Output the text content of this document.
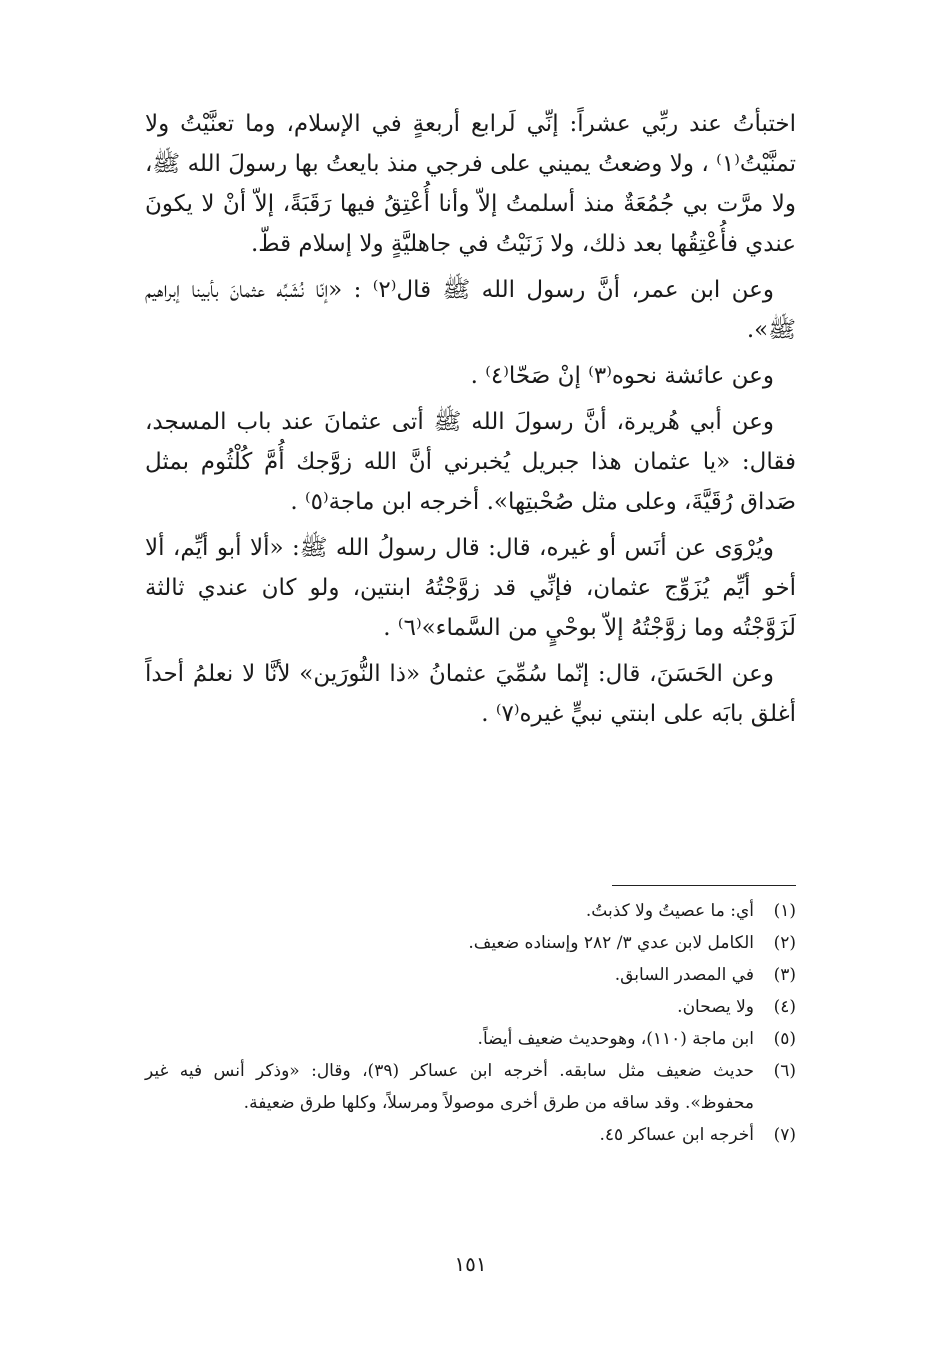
اختبأتُ عند ربِّي عشراً: إنِّي لَرابع أربعةٍ في الإسلام، وما تعنَّيْتُ ولا تمنَّيْتُ⁽١⁾ ، ولا وضعتُ يميني على فرجي منذ بايعتُ بها رسولَ الله ﷺ، ولا مرَّت بي جُمُعَةٌ منذ أسلمتُ إلاّ وأنا أُعْتِقُ فيها رَقَبَةً، إلاّ أنْ لا يكونَ عندي فأُعْتِقُها بعد ذلك، ولا زَنَيْتُ في جاهليَّةٍ ولا إسلام قطّ.

وعن ابن عمر، أنَّ رسول الله ﷺ قال⁽٢⁾ : «إنّا نُشَبِّه عثمانَ بأبينا إبراهيم ﷺ».

وعن عائشة نحوه⁽٣⁾ إنْ صَحّا⁽٤⁾ .

وعن أبي هُريرة، أنَّ رسولَ الله ﷺ أتى عثمانَ عند باب المسجد، فقال: «يا عثمان هذا جبريل يُخبرني أنَّ الله زوَّجك أُمَّ كُلْثُوم بمثل صَداق رُقَيَّةَ، وعلى مثل صُحْبتِها». أخرجه ابن ماجة⁽٥⁾ .

ويُرْوَى عن أنَس أو غيره، قال: قال رسولُ الله ﷺ: «ألا أبو أيِّم، ألا أخو أيِّم يُزَوِّج عثمان، فإنِّي قد زوَّجْتُهُ ابنتين، ولو كان عندي ثالثة لَزَوَّجْتُه وما زوَّجْتُهُ إلاّ بوحْيٍ من السَّماء»⁽٦⁾ .

وعن الحَسَنَ، قال: إنّما سُمِّيَ عثمانُ «ذا النُّورَين» لأنَّا لا نعلمُ أحداً أغلق بابَه على ابنتي نبيٍّ غيره⁽٧⁾ .

(١)
أي: ما عصيتُ ولا كذبتُ.
(٢)
الكامل لابن عدي ٣/ ٢٨٢ وإسناده ضعيف.
(٣)
في المصدر السابق.
(٤)
ولا يصحان.
(٥)
ابن ماجة (١١٠)، وهوحديث ضعيف أيضاً.
(٦)
حديث ضعيف مثل سابقه. أخرجه ابن عساكر (٣٩)، وقال: «وذكر أنس فيه غير محفوظ». وقد ساقه من طرق أخرى موصولاً ومرسلاً، وكلها طرق ضعيفة.
(٧)
أخرجه ابن عساكر ٤٥.
١٥١
